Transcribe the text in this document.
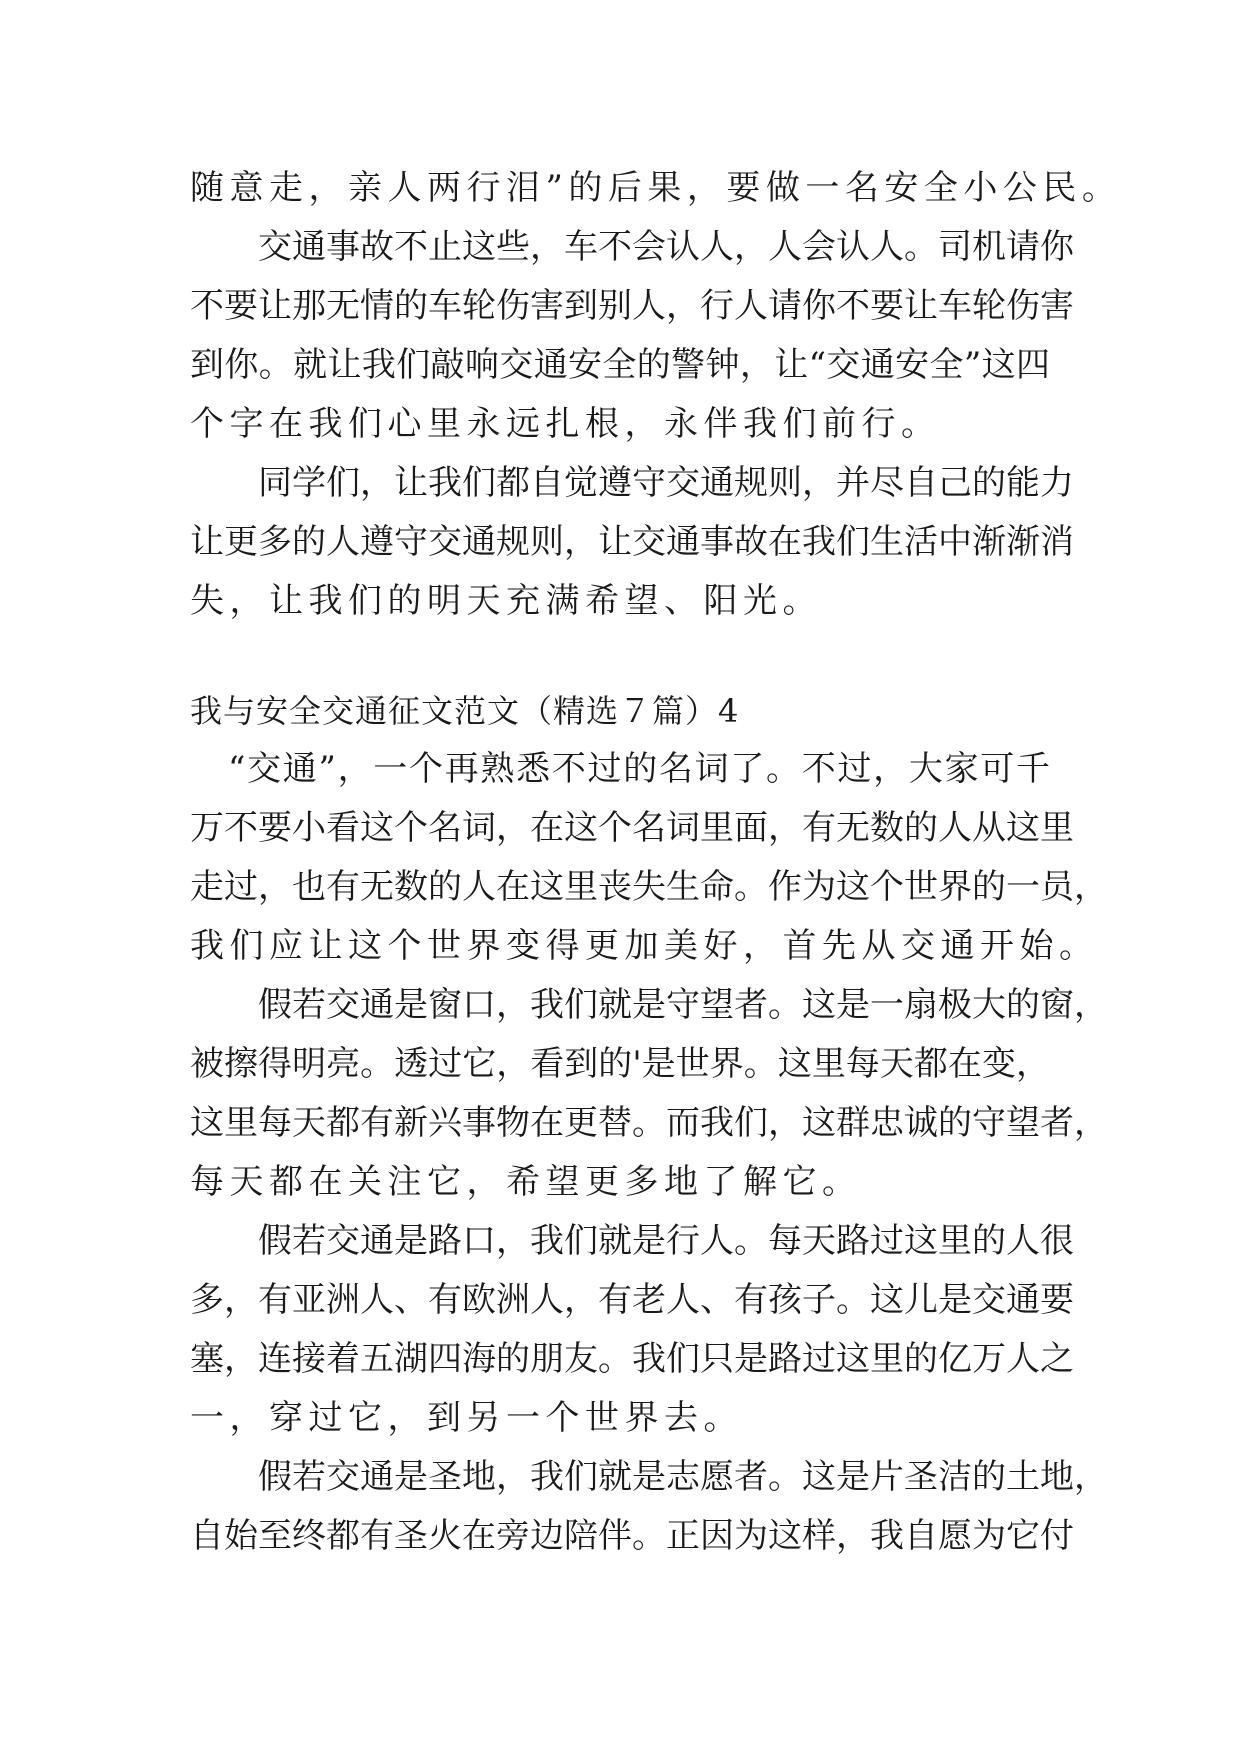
随意走，亲人两行泪”的后果，要做一名安全小公民。
交通事故不止这些，车不会认人，人会认人。司机请你
不要让那无情的车轮伤害到别人，行人请你不要让车轮伤害
到你。就让我们敲响交通安全的警钟，让“交通安全”这四
个字在我们心里永远扎根，永伴我们前行。
同学们，让我们都自觉遵守交通规则，并尽自己的能力
让更多的人遵守交通规则，让交通事故在我们生活中渐渐消
失，让我们的明天充满希望、阳光。
我与安全交通征文范文（精选７篇）4
“交通”，一个再熟悉不过的名词了。不过，大家可千
万不要小看这个名词，在这个名词里面，有无数的人从这里
走过，也有无数的人在这里丧失生命。作为这个世界的一员，
我们应让这个世界变得更加美好，首先从交通开始。
假若交通是窗口，我们就是守望者。这是一扇极大的窗，
被擦得明亮。透过它，看到的'是世界。这里每天都在变，
这里每天都有新兴事物在更替。而我们，这群忠诚的守望者，
每天都在关注它，希望更多地了解它。
假若交通是路口，我们就是行人。每天路过这里的人很
多，有亚洲人、有欧洲人，有老人、有孩子。这儿是交通要
塞，连接着五湖四海的朋友。我们只是路过这里的亿万人之
一，穿过它，到另一个世界去。
假若交通是圣地，我们就是志愿者。这是片圣洁的土地，
自始至终都有圣火在旁边陪伴。正因为这样，我自愿为它付
